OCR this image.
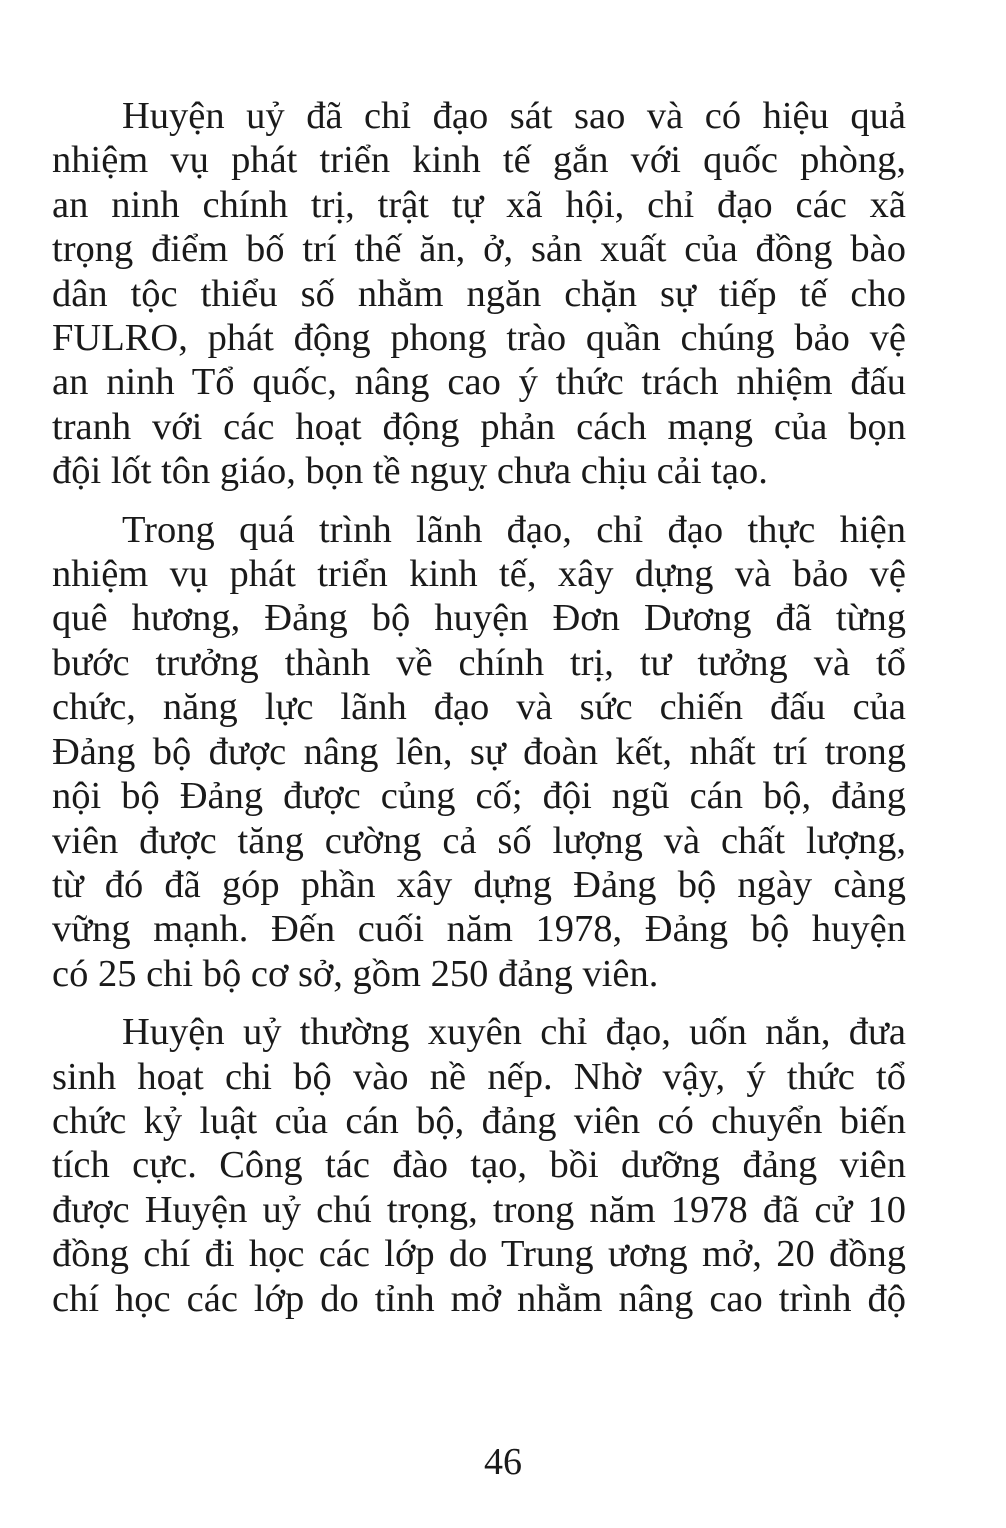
Huyện uỷ đã chỉ đạo sát sao và có hiệu quả
nhiệm vụ phát triển kinh tế gắn với quốc phòng,
an ninh chính trị, trật tự xã hội, chỉ đạo các xã
trọng điểm bố trí thế ăn, ở, sản xuất của đồng bào
dân tộc thiểu số nhằm ngăn chặn sự tiếp tế cho
FULRO, phát động phong trào quần chúng bảo vệ
an ninh Tổ quốc, nâng cao ý thức trách nhiệm đấu
tranh với các hoạt động phản cách mạng của bọn
đội lốt tôn giáo, bọn tề nguỵ chưa chịu cải tạo.

Trong quá trình lãnh đạo, chỉ đạo thực hiện
nhiệm vụ phát triển kinh tế, xây dựng và bảo vệ
quê hương, Đảng bộ huyện Đơn Dương đã từng
bước trưởng thành về chính trị, tư tưởng và tổ
chức, năng lực lãnh đạo và sức chiến đấu của
Đảng bộ được nâng lên, sự đoàn kết, nhất trí trong
nội bộ Đảng được củng cố; đội ngũ cán bộ, đảng
viên được tăng cường cả số lượng và chất lượng,
từ đó đã góp phần xây dựng Đảng bộ ngày càng
vững mạnh. Đến cuối năm 1978, Đảng bộ huyện
có 25 chi bộ cơ sở, gồm 250 đảng viên.

Huyện uỷ thường xuyên chỉ đạo, uốn nắn, đưa
sinh hoạt chi bộ vào nề nếp. Nhờ vậy, ý thức tổ
chức kỷ luật của cán bộ, đảng viên có chuyển biến
tích cực. Công tác đào tạo, bồi dưỡng đảng viên
được Huyện uỷ chú trọng, trong năm 1978 đã cử 10
đồng chí đi học các lớp do Trung ương mở, 20 đồng
chí học các lớp do tỉnh mở nhằm nâng cao trình độ

46
